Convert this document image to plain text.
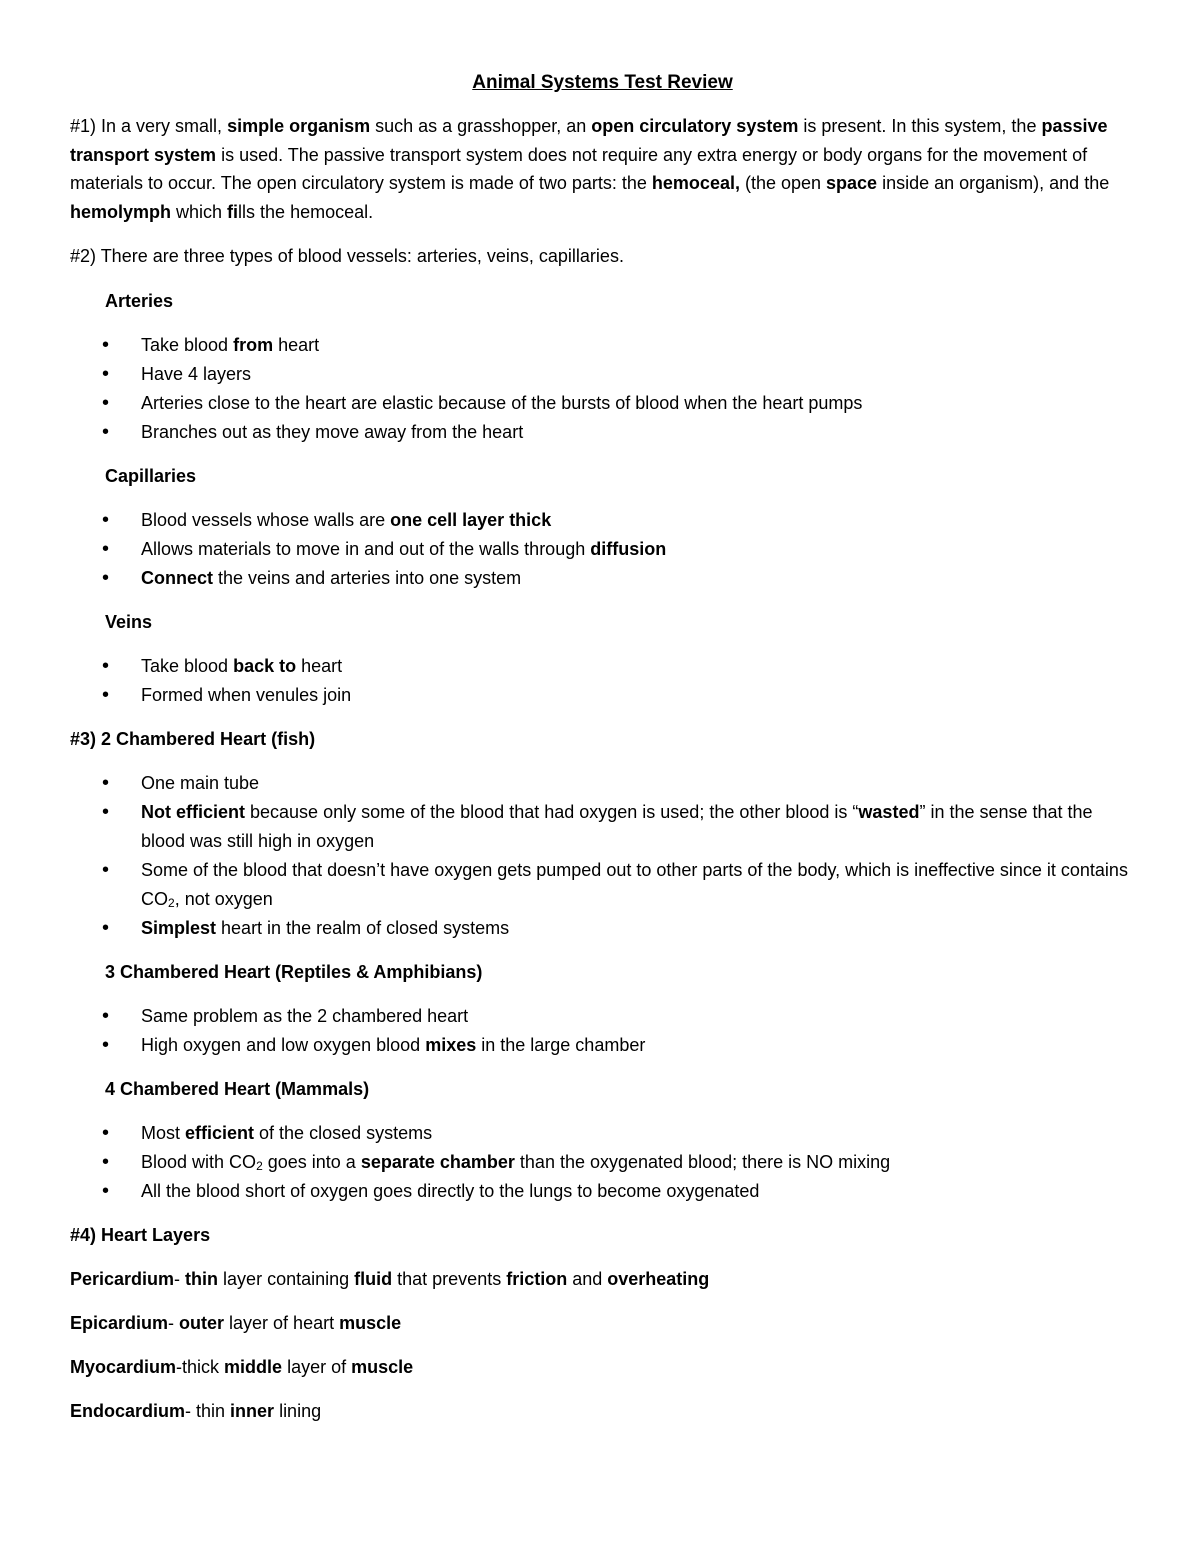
Animal Systems Test Review

#1) In a very small, simple organism such as a grasshopper, an open circulatory system is present. In this system, the passive transport system is used. The passive transport system does not require any extra energy or body organs for the movement of materials to occur. The open circulatory system is made of two parts: the hemoceal, (the open space inside an organism), and the hemolymph which fills the hemoceal.

#2) There are three types of blood vessels: arteries, veins, capillaries.

Arteries
• Take blood from heart
• Have 4 layers
• Arteries close to the heart are elastic because of the bursts of blood when the heart pumps
• Branches out as they move away from the heart
Capillaries
• Blood vessels whose walls are one cell layer thick
• Allows materials to move in and out of the walls through diffusion
• Connect the veins and arteries into one system
Veins
• Take blood back to heart
• Formed when venules join
#3) 2 Chambered Heart (fish)
• One main tube
• Not efficient because only some of the blood that had oxygen is used; the other blood is “wasted” in the sense that the blood was still high in oxygen
• Some of the blood that doesn’t have oxygen gets pumped out to other parts of the body, which is ineffective since it contains $CO_2$, not oxygen
• Simplest heart in the realm of closed systems
3 Chambered Heart (Reptiles & Amphibians)
• Same problem as the 2 chambered heart
• High oxygen and low oxygen blood mixes in the large chamber
4 Chambered Heart (Mammals)
• Most efficient of the closed systems
• Blood with $CO_2$ goes into a separate chamber than the oxygenated blood; there is NO mixing
• All the blood short of oxygen goes directly to the lungs to become oxygenated
#4) Heart Layers
Pericardium- thin layer containing fluid that prevents friction and overheating
Epicardium- outer layer of heart muscle
Myocardium-thick middle layer of muscle
Endocardium- thin inner lining
